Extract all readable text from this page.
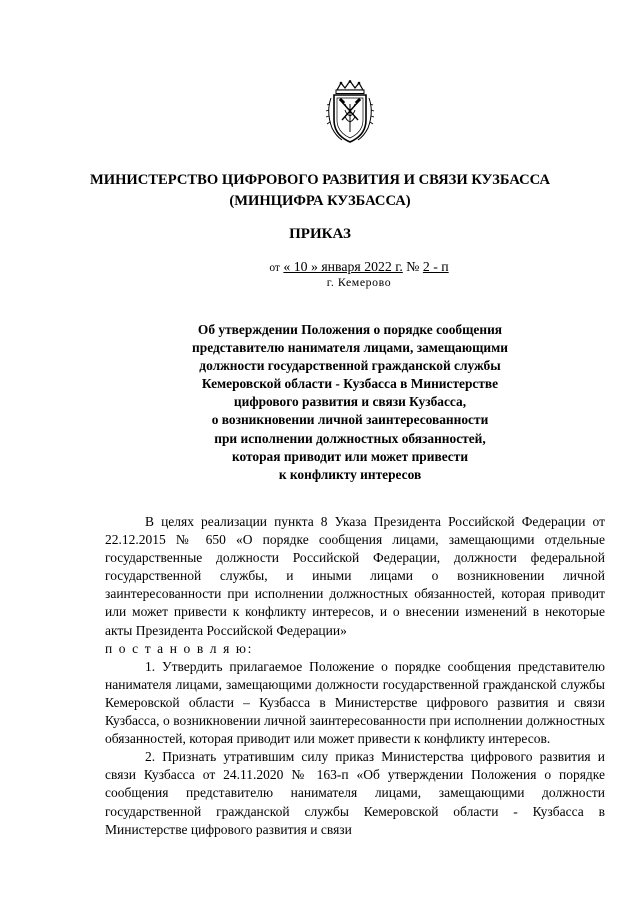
МИНИСТЕРСТВО ЦИФРОВОГО РАЗВИТИЯ И СВЯЗИ КУЗБАССА
(МИНЦИФРА КУЗБАССА)
ПРИКАЗ
от « 10 » января 2022 г. № 2 - п
г. Кемерово
Об утверждении Положения о порядке сообщения
представителю нанимателя лицами, замещающими
должности государственной гражданской службы
Кемеровской области - Кузбасса в Министерстве
цифрового развития и связи Кузбасса,
о возникновении личной заинтересованности
при исполнении должностных обязанностей,
которая приводит или может привести
к конфликту интересов

В целях реализации пункта 8 Указа Президента Российской Федерации от 22.12.2015 № 650 «О порядке сообщения лицами, замещающими отдельные государственные должности Российской Федерации, должности федеральной государственной службы, и иными лицами о возникновении личной заинтересованности при исполнении должностных обязанностей, которая приводит или может привести к конфликту интересов, и о внесении изменений в некоторые акты Президента Российской Федерации»

п о с т а н о в л я ю:

1. Утвердить прилагаемое Положение о порядке сообщения представителю нанимателя лицами, замещающими должности государственной гражданской службы Кемеровской области – Кузбасса в Министерстве цифрового развития и связи Кузбасса, о возникновении личной заинтересованности при исполнении должностных обязанностей, которая приводит или может привести к конфликту интересов.

2. Признать утратившим силу приказ Министерства цифрового развития и связи Кузбасса от 24.11.2020 № 163-п «Об утверждении Положения о порядке сообщения представителю нанимателя лицами, замещающими должности государственной гражданской службы Кемеровской области - Кузбасса в Министерстве цифрового развития и связи
